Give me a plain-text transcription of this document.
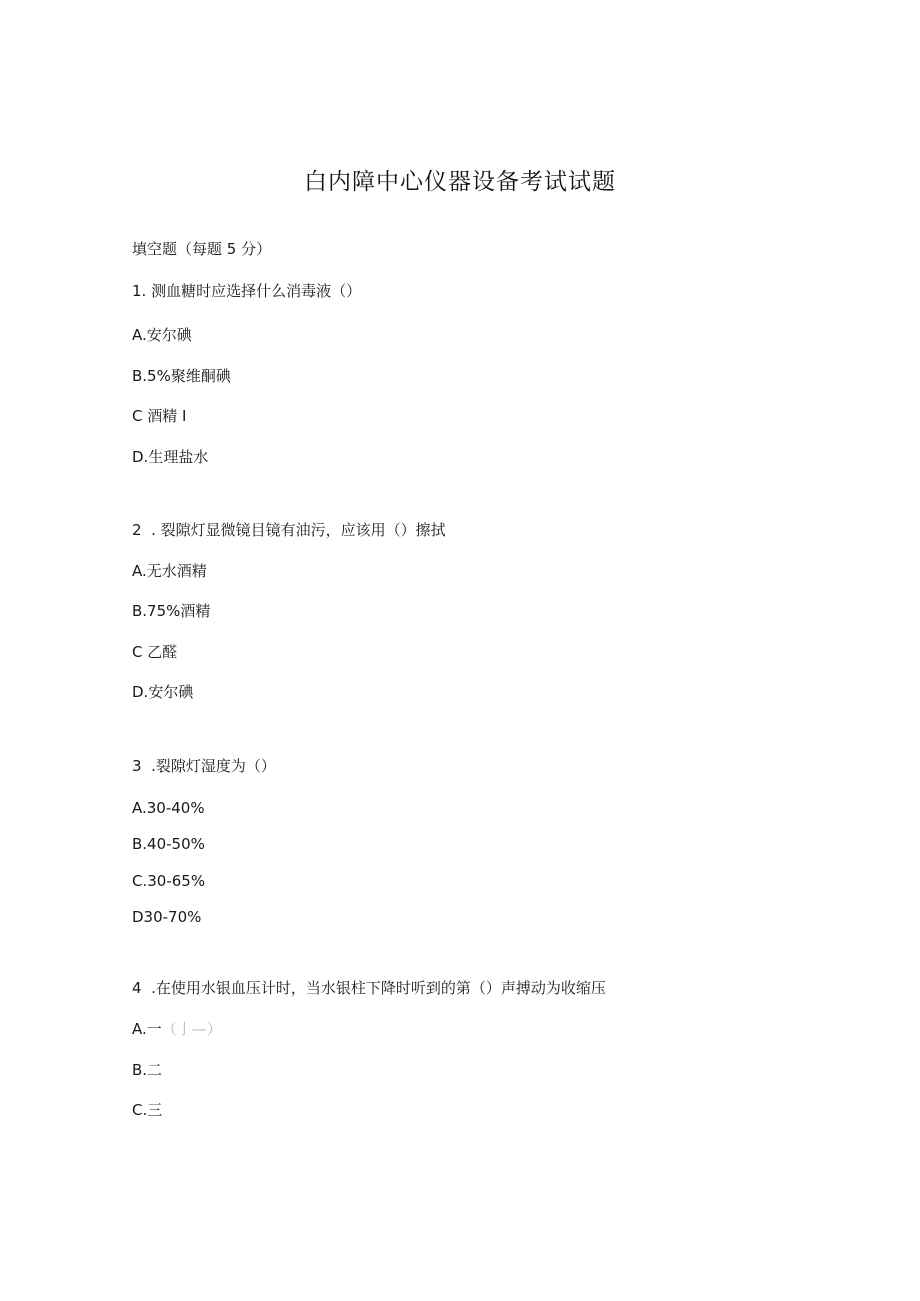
白内障中心仪器设备考试试题
填空题（每题 5 分）
1. 测血糖时应选择什么消毒液（）
A.安尔碘
B.5%聚维酮碘
C 酒精 I
D.生理盐水
2  . 裂隙灯显微镜目镜有油污，应该用（）擦拭
A.无水酒精
B.75%酒精
C 乙醛
D.安尔碘
3  .裂隙灯湿度为（）
A.30-40%
B.40-50%
C.30-65%
D30-70%
4  .在使用水银血压计时，当水银柱下降时听到的第（）声搏动为收缩压
A.一（亅—）
B.二
C.三
